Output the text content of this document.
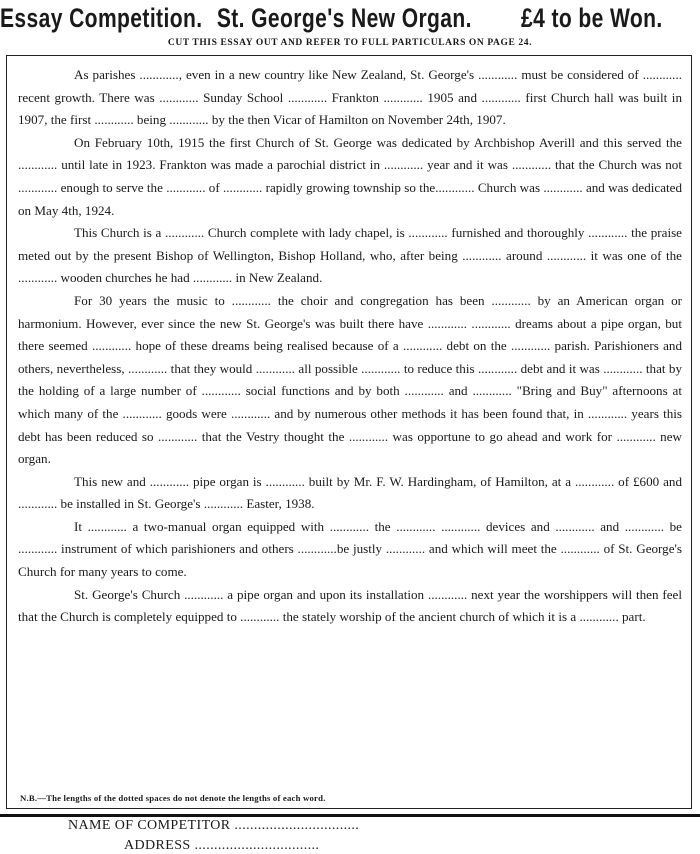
Essay Competition. St. George's New Organ. £4 to be Won.
CUT THIS ESSAY OUT AND REFER TO FULL PARTICULARS ON PAGE 24.

As parishes ............, even in a new country like New Zealand, St. George's ............ must be considered of ............ recent growth. There was ............ Sunday School ............ Frankton ............ 1905 and ............ first Church hall was built in 1907, the first ............ being ............ by the then Vicar of Hamilton on November 24th, 1907.

On February 10th, 1915 the first Church of St. George was dedicated by Archbishop Averill and this served the ............ until late in 1923. Frankton was made a parochial district in ............ year and it was ............ that the Church was not ............ enough to serve the ............ of ............ rapidly growing township so the............ Church was ............ and was dedicated on May 4th, 1924.

This Church is a ............ Church complete with lady chapel, is ............ furnished and thoroughly ............ the praise meted out by the present Bishop of Wellington, Bishop Holland, who, after being ............ around ............ it was one of the ............ wooden churches he had ............ in New Zealand.

For 30 years the music to ............ the choir and congregation has been ............ by an American organ or harmonium. However, ever since the new St. George's was built there have ............ ............ dreams about a pipe organ, but there seemed ............ hope of these dreams being realised because of a ............ debt on the ............ parish. Parishioners and others, nevertheless, ............ that they would ............ all possible ............ to reduce this ............ debt and it was ............ that by the holding of a large number of ............ social functions and by both ............ and ............ "Bring and Buy" afternoons at which many of the ............ goods were ............ and by numerous other methods it has been found that, in ............ years this debt has been reduced so ............ that the Vestry thought the ............ was opportune to go ahead and work for ............ new organ.

This new and ............ pipe organ is ............ built by Mr. F. W. Hardingham, of Hamilton, at a ............ of £600 and ............ be installed in St. George's ............ Easter, 1938.

It ............ a two-manual organ equipped with ............ the ............ ............ devices and ............ and ............ be ............ instrument of which parishioners and others ............be justly ............ and which will meet the ............ of St. George's Church for many years to come.

St. George's Church ............ a pipe organ and upon its installation ............ next year the worshippers will then feel that the Church is completely equipped to ............ the stately worship of the ancient church of which it is a ............ part.

N.B.—The lengths of the dotted spaces do not denote the lengths of each word.
NAME OF COMPETITOR ................................
ADDRESS ................................
